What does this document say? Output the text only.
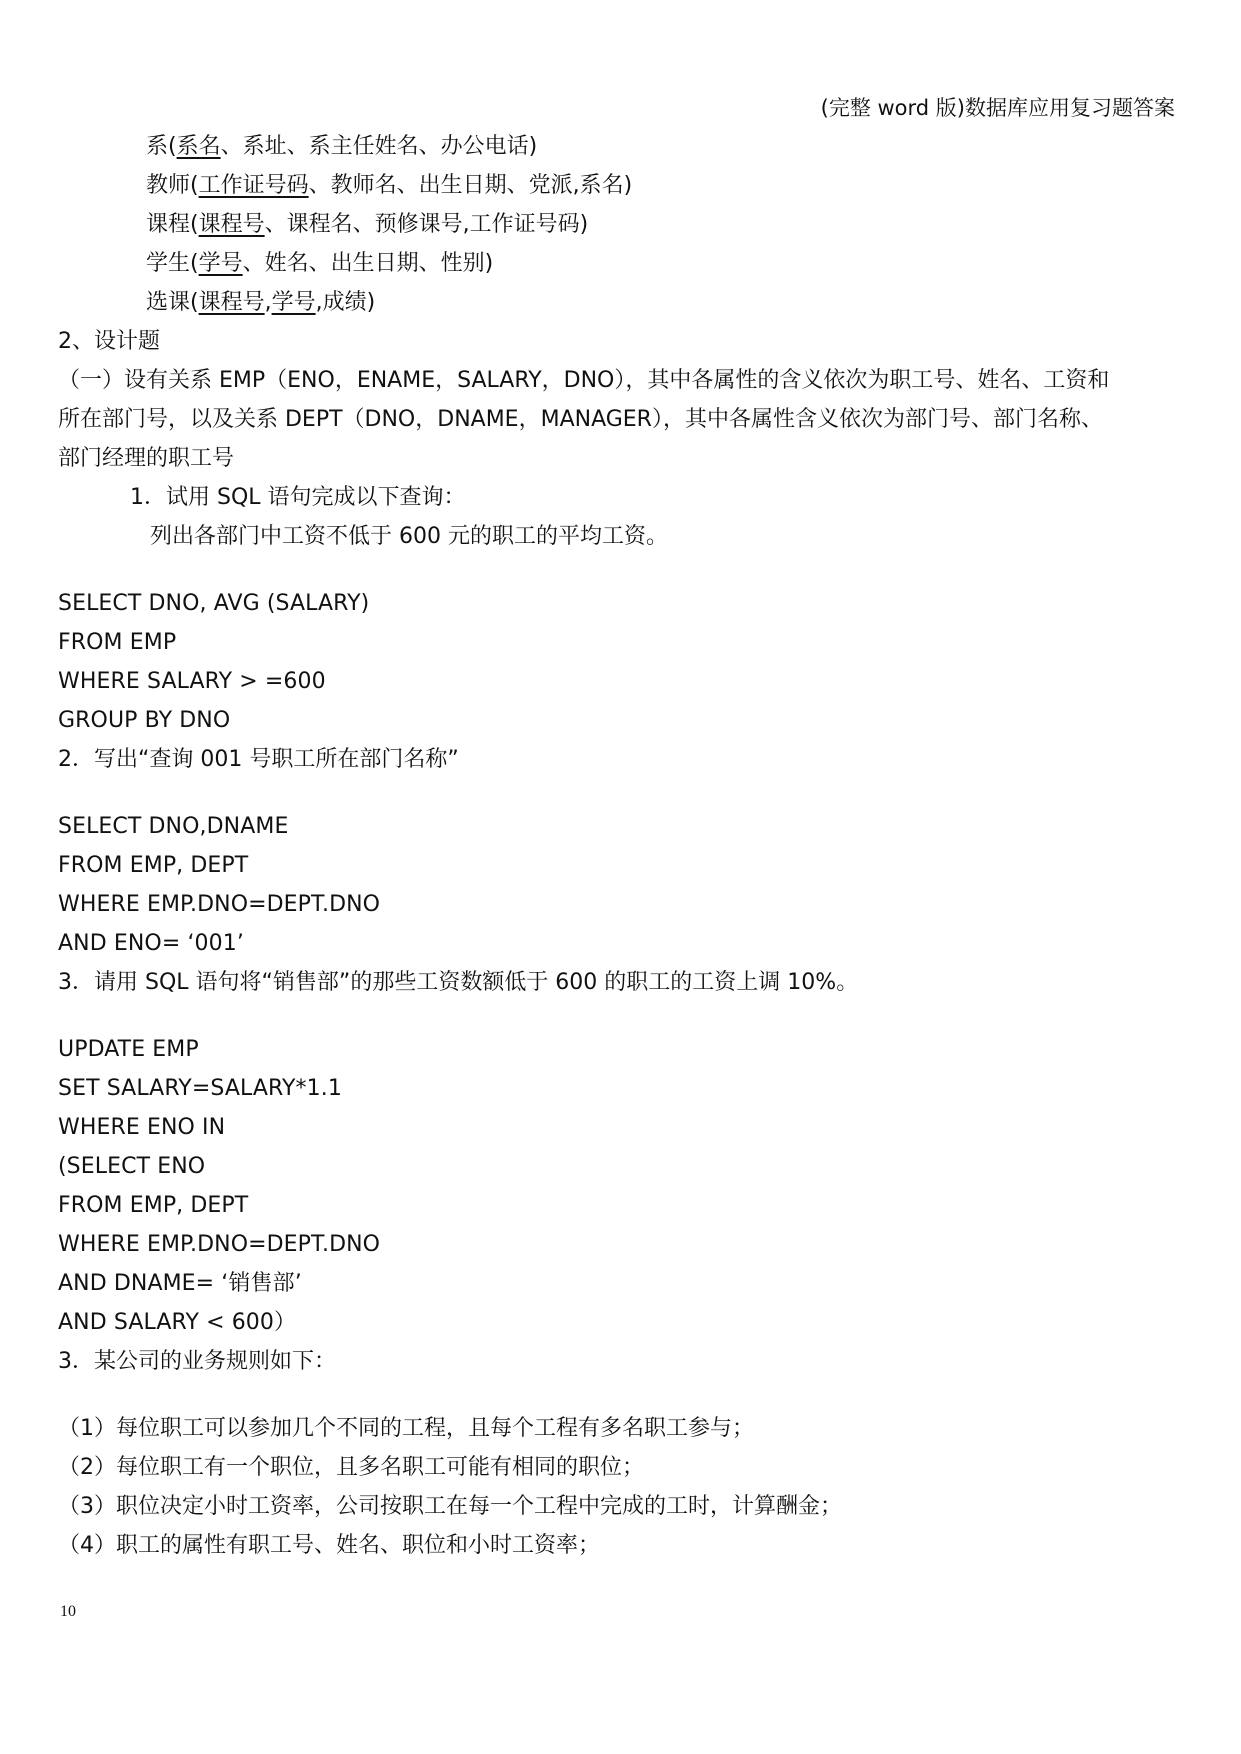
(完整 word 版)数据库应用复习题答案
系(系名、系址、系主任姓名、办公电话)
教师(工作证号码、教师名、出生日期、党派,系名)
课程(课程号、课程名、预修课号,工作证号码)
学生(学号、姓名、出生日期、性别)
选课(课程号,学号,成绩)
2、设计题
（一）设有关系 EMP（ENO，ENAME，SALARY，DNO），其中各属性的含义依次为职工号、姓名、工资和
所在部门号，以及关系 DEPT（DNO，DNAME，MANAGER），其中各属性含义依次为部门号、部门名称、
部门经理的职工号
1．试用 SQL 语句完成以下查询：
列出各部门中工资不低于 600 元的职工的平均工资。
SELECT DNO, AVG (SALARY)
FROM EMP
WHERE SALARY > =600
GROUP BY DNO
2．写出“查询 001 号职工所在部门名称”
SELECT DNO,DNAME
FROM EMP, DEPT
WHERE EMP.DNO=DEPT.DNO
AND ENO= ‘001’
3．请用 SQL 语句将“销售部”的那些工资数额低于 600 的职工的工资上调 10%。
UPDATE EMP
SET SALARY=SALARY*1.1
WHERE ENO IN
(SELECT ENO
FROM EMP, DEPT
WHERE EMP.DNO=DEPT.DNO
AND DNAME= ‘销售部’
AND SALARY < 600）
3．某公司的业务规则如下：
（1）每位职工可以参加几个不同的工程，且每个工程有多名职工参与；
（2）每位职工有一个职位，且多名职工可能有相同的职位；
（3）职位决定小时工资率，公司按职工在每一个工程中完成的工时，计算酬金；
（4）职工的属性有职工号、姓名、职位和小时工资率；
10
